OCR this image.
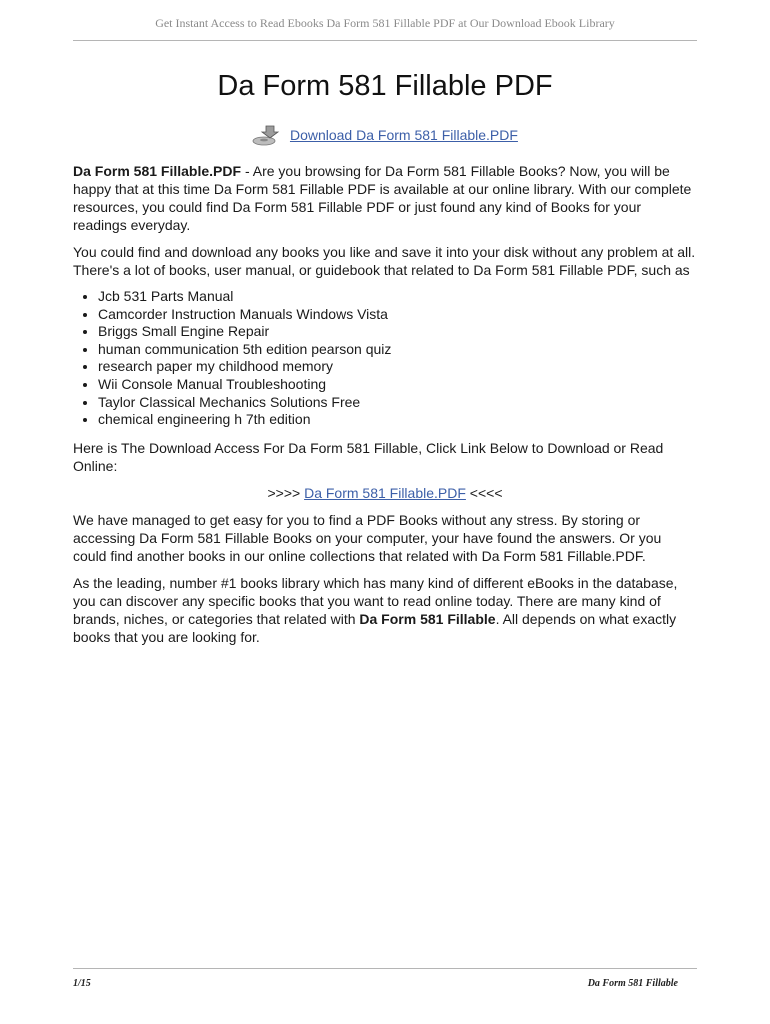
Get Instant Access to Read Ebooks Da Form 581 Fillable PDF at Our Download Ebook Library
Da Form 581 Fillable PDF
Download Da Form 581 Fillable.PDF

Da Form 581 Fillable.PDF - Are you browsing for Da Form 581 Fillable Books? Now, you will be happy that at this time Da Form 581 Fillable PDF is available at our online library. With our complete resources, you could find Da Form 581 Fillable PDF or just found any kind of Books for your readings everyday.

You could find and download any books you like and save it into your disk without any problem at all. There's a lot of books, user manual, or guidebook that related to Da Form 581 Fillable PDF, such as

• Jcb 531 Parts Manual
• Camcorder Instruction Manuals Windows Vista
• Briggs Small Engine Repair
• human communication 5th edition pearson quiz
• research paper my childhood memory
• Wii Console Manual Troubleshooting
• Taylor Classical Mechanics Solutions Free
• chemical engineering h 7th edition

Here is The Download Access For Da Form 581 Fillable, Click Link Below to Download or Read Online:

>>>> Da Form 581 Fillable.PDF <<<<

We have managed to get easy for you to find a PDF Books without any stress. By storing or accessing Da Form 581 Fillable Books on your computer, your have found the answers. Or you could find another books in our online collections that related with Da Form 581 Fillable.PDF.

As the leading, number #1 books library which has many kind of different eBooks in the database, you can discover any specific books that you want to read online today. There are many kind of brands, niches, or categories that related with Da Form 581 Fillable. All depends on what exactly books that you are looking for.

1/15	Da Form 581 Fillable
